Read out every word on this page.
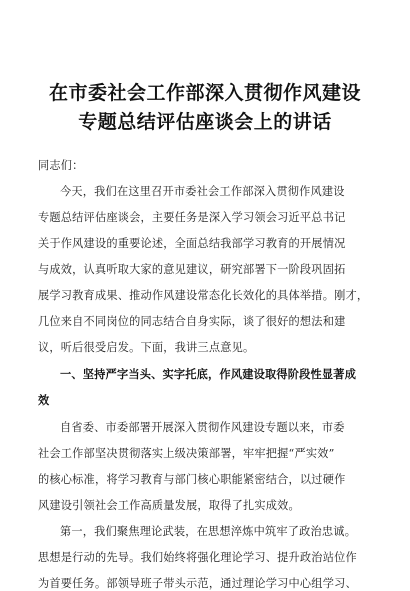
在市委社会工作部深入贯彻作风建设
专题总结评估座谈会上的讲话
同志们：
今天，我们在这里召开市委社会工作部深入贯彻作风建设
专题总结评估座谈会，主要任务是深入学习领会习近平总书记
关于作风建设的重要论述，全面总结我部学习教育的开展情况
与成效，认真听取大家的意见建议，研究部署下一阶段巩固拓
展学习教育成果、推动作风建设常态化长效化的具体举措。刚才，
几位来自不同岗位的同志结合自身实际，谈了很好的想法和建
议，听后很受启发。下面，我讲三点意见。
一、坚持严字当头、实字托底，作风建设取得阶段性显著成
效
自省委、市委部署开展深入贯彻作风建设专题以来，市委
社会工作部坚决贯彻落实上级决策部署，牢牢把握“严实效”
的核心标准，将学习教育与部门核心职能紧密结合，以过硬作
风建设引领社会工作高质量发展，取得了扎实成效。
第一，我们聚焦理论武装，在思想淬炼中筑牢了政治忠诚。
思想是行动的先导。我们始终将强化理论学习、提升政治站位作
为首要任务。部领导班子带头示范，通过理论学习中心组学习、
